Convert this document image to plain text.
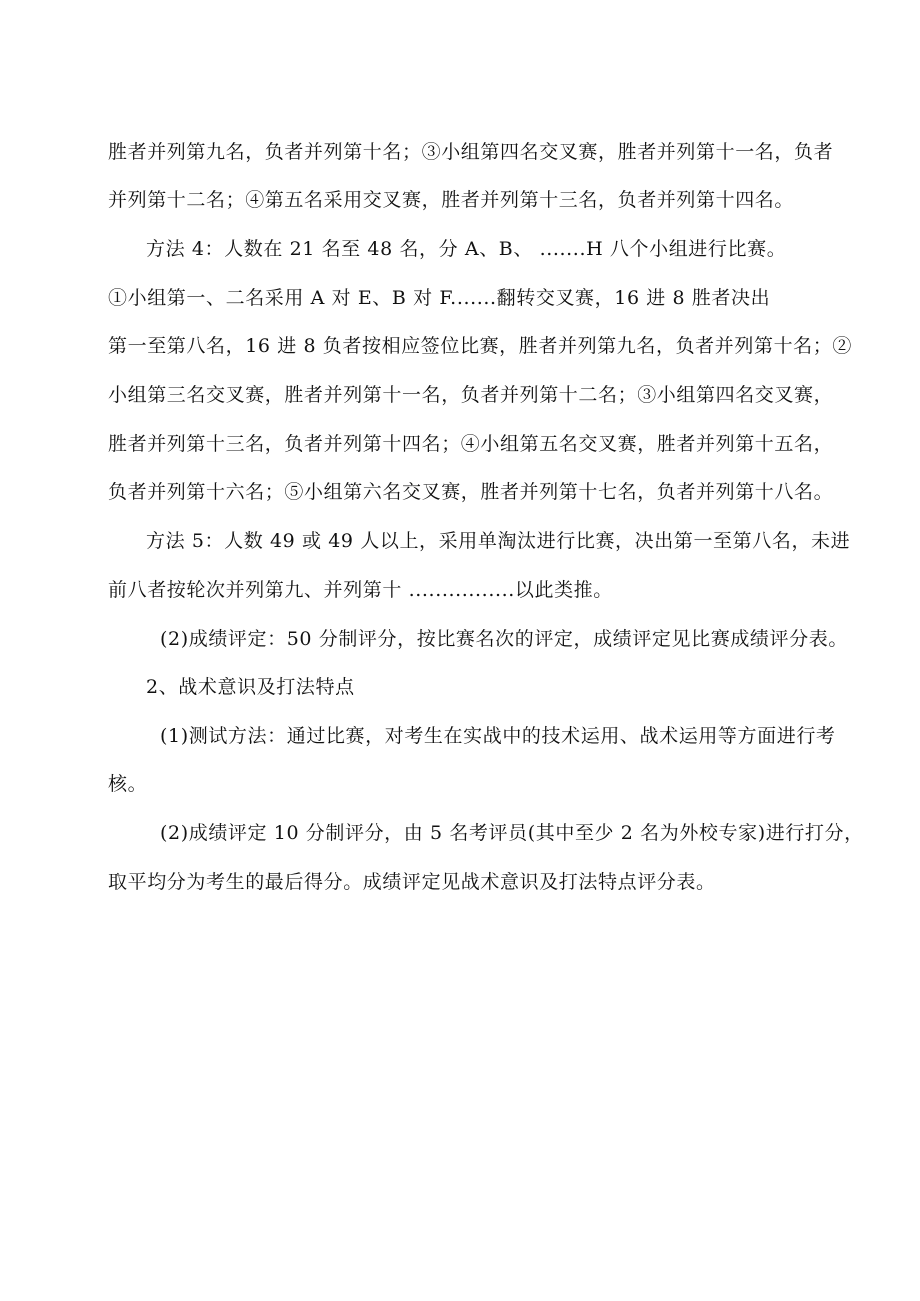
胜者并列第九名，负者并列第十名；③小组第四名交叉赛，胜者并列第十一名，负者
并列第十二名；④第五名采用交叉赛，胜者并列第十三名，负者并列第十四名。
方法 4：人数在 21 名至 48 名，分 A、B、 .......H 八个小组进行比赛。
①小组第一、二名采用 A 对 E、B 对 F.......翻转交叉赛，16 进 8 胜者决出
第一至第八名，16 进 8 负者按相应签位比赛，胜者并列第九名，负者并列第十名；②
小组第三名交叉赛，胜者并列第十一名，负者并列第十二名；③小组第四名交叉赛，
胜者并列第十三名，负者并列第十四名；④小组第五名交叉赛，胜者并列第十五名，
负者并列第十六名；⑤小组第六名交叉赛，胜者并列第十七名，负者并列第十八名。
方法 5：人数 49 或 49 人以上，采用单淘汰进行比赛，决出第一至第八名，未进
前八者按轮次并列第九、并列第十 ................以此类推。
(2)成绩评定：50 分制评分，按比赛名次的评定，成绩评定见比赛成绩评分表。
2、战术意识及打法特点
(1)测试方法：通过比赛，对考生在实战中的技术运用、战术运用等方面进行考
核。
(2)成绩评定 10 分制评分，由 5 名考评员(其中至少 2 名为外校专家)进行打分，
取平均分为考生的最后得分。成绩评定见战术意识及打法特点评分表。
